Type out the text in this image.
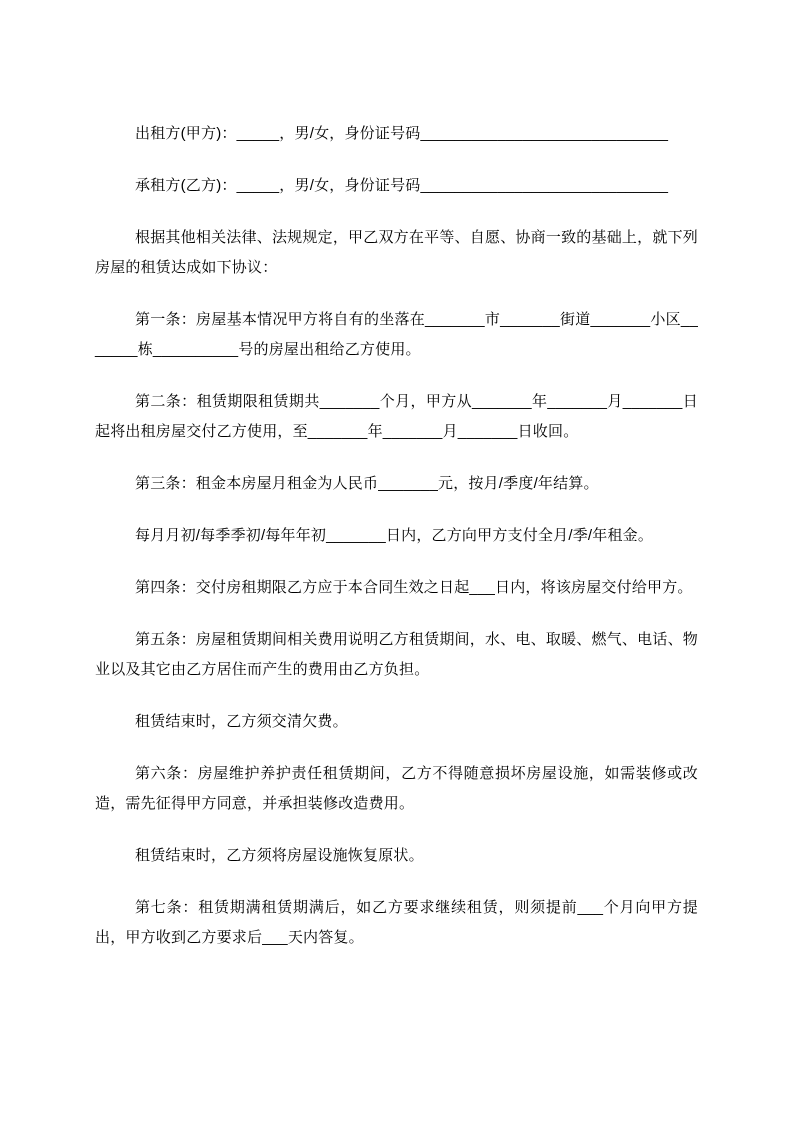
出租方(甲方)：_____，男/女，身份证号码_____________________________

承租方(乙方)：_____，男/女，身份证号码_____________________________

根据其他相关法律、法规规定，甲乙双方在平等、自愿、协商一致的基础上，就下列房屋的租赁达成如下协议：

第一条：房屋基本情况甲方将自有的坐落在_______市_______街道_______小区_______栋__________号的房屋出租给乙方使用。

第二条：租赁期限租赁期共_______个月，甲方从_______年_______月_______日起将出租房屋交付乙方使用，至_______年_______月_______日收回。

第三条：租金本房屋月租金为人民币_______元，按月/季度/年结算。

每月月初/每季季初/每年年初_______日内，乙方向甲方支付全月/季/年租金。

第四条：交付房租期限乙方应于本合同生效之日起___日内，将该房屋交付给甲方。

第五条：房屋租赁期间相关费用说明乙方租赁期间，水、电、取暖、燃气、电话、物业以及其它由乙方居住而产生的费用由乙方负担。

租赁结束时，乙方须交清欠费。

第六条：房屋维护养护责任租赁期间，乙方不得随意损坏房屋设施，如需装修或改造，需先征得甲方同意，并承担装修改造费用。

租赁结束时，乙方须将房屋设施恢复原状。

第七条：租赁期满租赁期满后，如乙方要求继续租赁，则须提前___个月向甲方提出，甲方收到乙方要求后___天内答复。
